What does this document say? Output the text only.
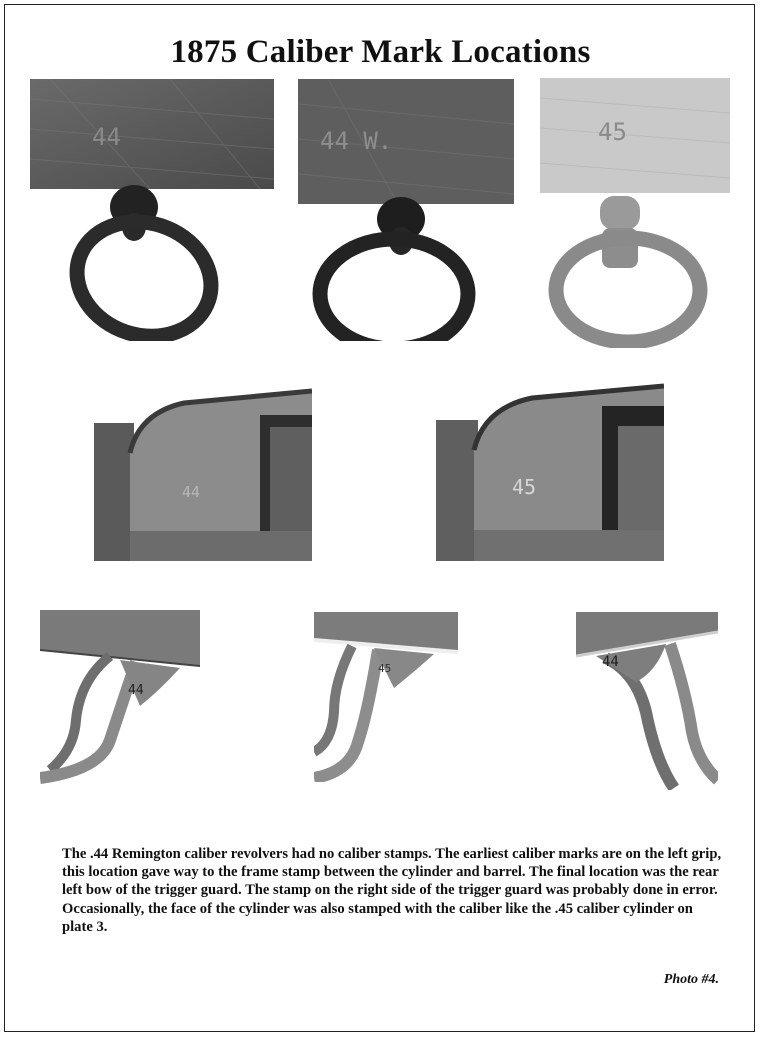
1875 Caliber Mark Locations
44	44 W.	45
44	45
44
45	44
The .44 Remington caliber revolvers had no caliber stamps. The earliest caliber marks are on the left grip, this location gave way to the frame stamp between the cylinder and barrel. The final location was the rear left bow of the trigger guard. The stamp on the right side of the trigger guard was probably done in error. Occasionally, the face of the cylinder was also stamped with the caliber like the .45 caliber cylinder on plate 3.
Photo #4.
